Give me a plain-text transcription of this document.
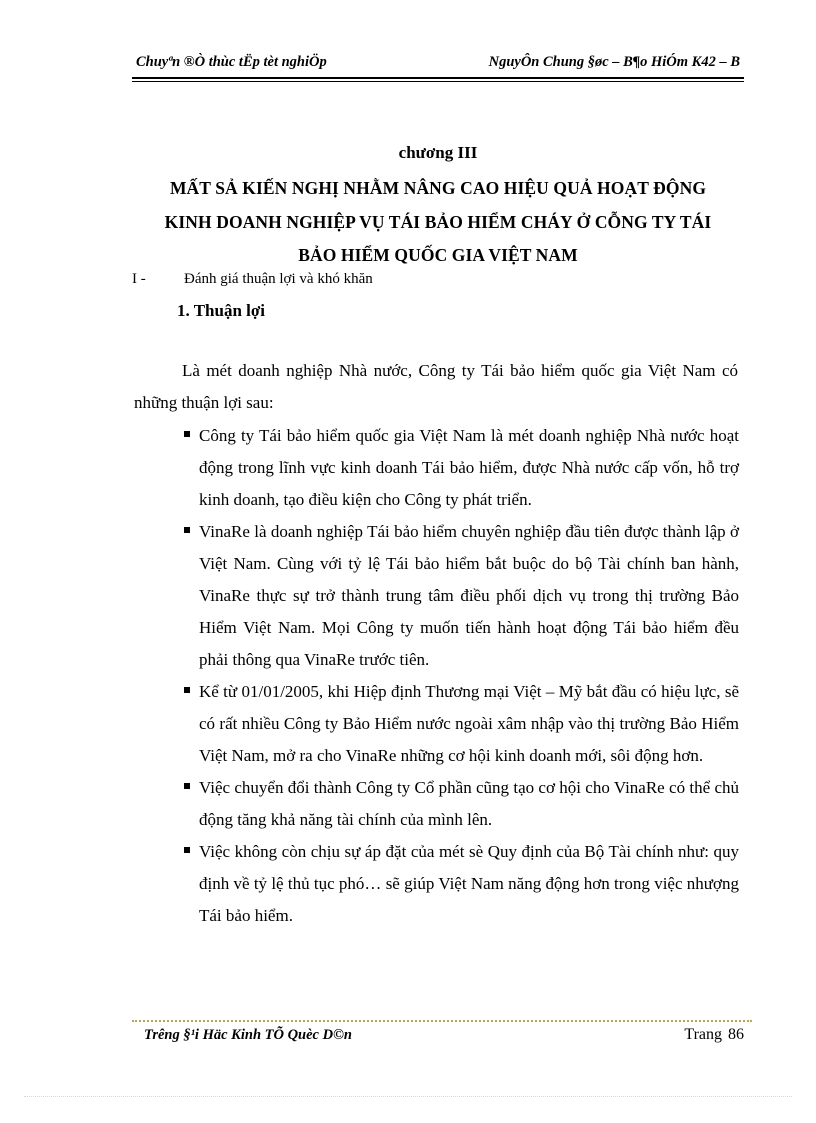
Chuyªn ®Ò thùc tËp tèt nghiÖp	NguyÔn Chung §øc – B¶o HiÓm K42 – B
chương III
MẤT SẢ KIẾN NGHỊ NHẰM NÂNG CAO HIỆU QUẢ HOẠT ĐỘNG
KINH DOANH NGHIỆP VỤ TÁI BẢO HIỂM CHÁY Ở CỖNG TY TÁI
BẢO HIỂM QUỐC GIA VIỆT NAM
I -	Đánh giá thuận lợi và khó khăn
1. Thuận lợi
Là mét doanh nghiệp Nhà nước, Công ty Tái bảo hiểm quốc gia Việt Nam có những thuận lợi sau:
Công ty Tái bảo hiểm quốc gia Việt Nam là mét doanh nghiệp Nhà nước hoạt động trong lĩnh vực kinh doanh Tái bảo hiểm, được Nhà nước cấp vốn, hỗ trợ kinh doanh, tạo điều kiện cho Công ty phát triển.
VinaRe là doanh nghiệp Tái bảo hiểm chuyên nghiệp đầu tiên được thành lập ở Việt Nam. Cùng với tỷ lệ Tái bảo hiểm bắt buộc do bộ Tài chính ban hành, VinaRe thực sự trở thành trung tâm điều phối dịch vụ trong thị trường Bảo Hiểm Việt Nam. Mọi Công ty muốn tiến hành hoạt động Tái bảo hiểm đều phải thông qua VinaRe trước tiên.
Kể từ 01/01/2005, khi Hiệp định Thương mại Việt – Mỹ bắt đầu có hiệu lực, sẽ có rất nhiều Công ty Bảo Hiểm nước ngoài xâm nhập vào thị trường Bảo Hiểm Việt Nam, mở ra cho VinaRe những cơ hội kinh doanh mới, sôi động hơn.
Việc chuyển đổi thành Công ty Cổ phần cũng tạo cơ hội cho VinaRe có thể chủ động tăng khả năng tài chính của mình lên.
Việc không còn chịu sự áp đặt của mét sè Quy định của Bộ Tài chính như: quy định về tỷ lệ thủ tục phó… sẽ giúp Việt Nam năng động hơn trong việc nhượng Tái bảo hiểm.
Trêng §¹i Häc Kinh TÕ Quèc D©n	Trang 86
